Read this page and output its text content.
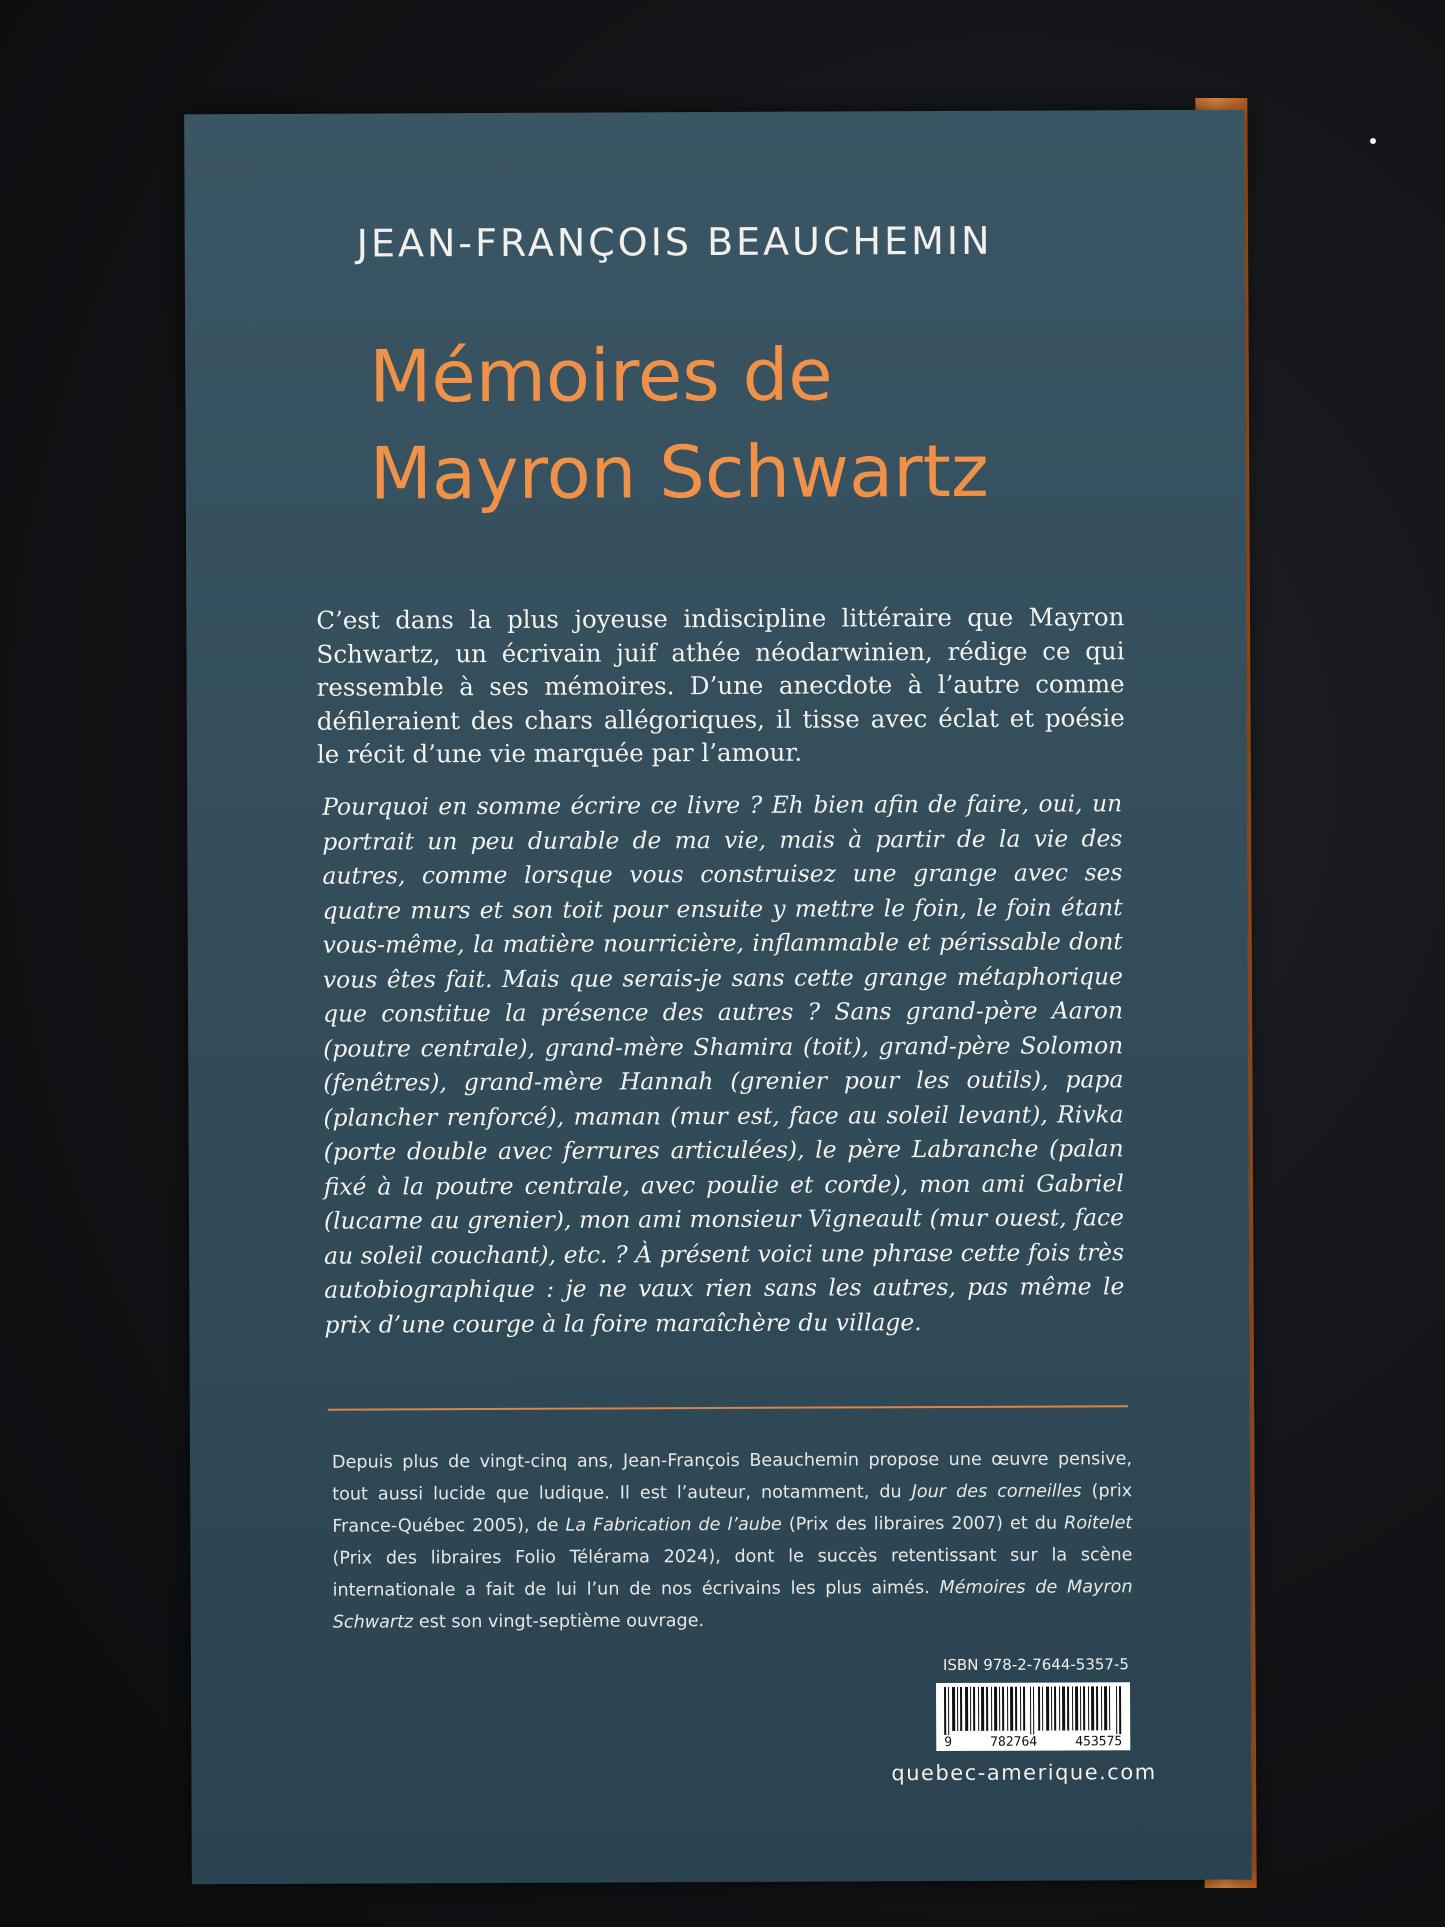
JEAN-FRANÇOIS BEAUCHEMIN
Mémoires de
Mayron Schwartz
C’est dans la plus joyeuse indiscipline littéraire que Mayron Schwartz, un écrivain juif athée néodarwinien, rédige ce qui ressemble à ses mémoires. D’une anecdote à l’autre comme défileraient des chars allégoriques, il tisse avec éclat et poésie le récit d’une vie marquée par l’amour.
Pourquoi en somme écrire ce livre ? Eh bien afin de faire, oui, un portrait un peu durable de ma vie, mais à partir de la vie des autres, comme lorsque vous construisez une grange avec ses quatre murs et son toit pour ensuite y mettre le foin, le foin étant vous-même, la matière nourricière, inflammable et périssable dont vous êtes fait. Mais que serais-je sans cette grange métaphorique que constitue la présence des autres ? Sans grand-père Aaron (poutre centrale), grand-mère Shamira (toit), grand-père Solomon (fenêtres), grand-mère Hannah (grenier pour les outils), papa (plancher renforcé), maman (mur est, face au soleil levant), Rivka (porte double avec ferrures articulées), le père Labranche (palan fixé à la poutre centrale, avec poulie et corde), mon ami Gabriel (lucarne au grenier), mon ami monsieur Vigneault (mur ouest, face au soleil couchant), etc. ? À présent voici une phrase cette fois très autobiographique : je ne vaux rien sans les autres, pas même le prix d’une courge à la foire maraîchère du village.
Depuis plus de vingt-cinq ans, Jean-François Beauchemin propose une œuvre pensive, tout aussi lucide que ludique. Il est l’auteur, notamment, du Jour des corneilles (prix France-Québec 2005), de La Fabrication de l’aube (Prix des libraires 2007) et du Roitelet (Prix des libraires Folio Télérama 2024), dont le succès retentissant sur la scène internationale a fait de lui l’un de nos écrivains les plus aimés. Mémoires de Mayron Schwartz est son vingt-septième ouvrage.
ISBN 978-2-7644-5357-5
9	782764	453575
quebec-amerique.com
